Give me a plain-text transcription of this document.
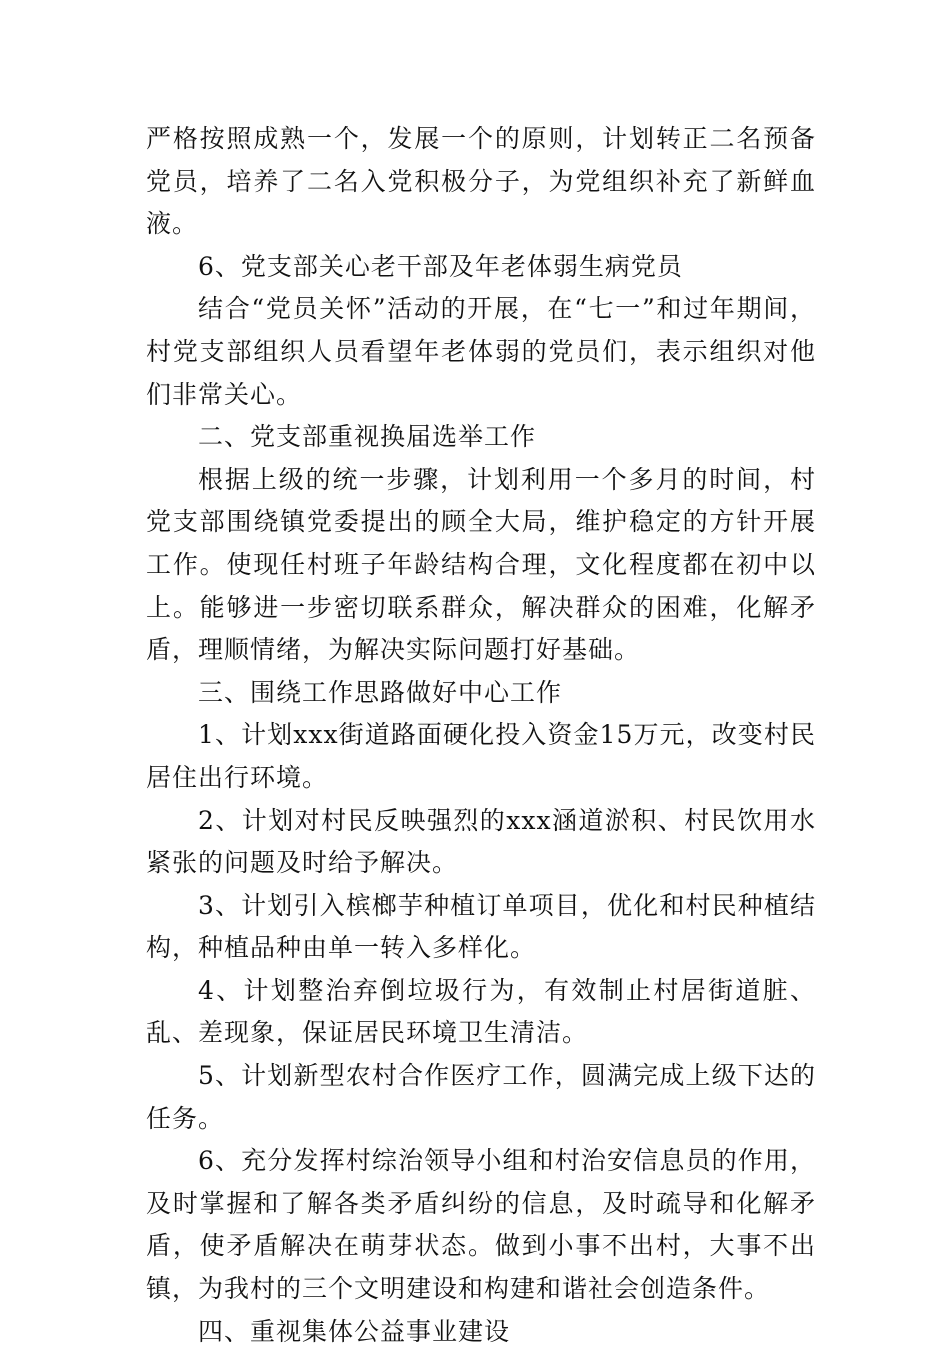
严格按照成熟一个，发展一个的原则，计划转正二名预备党员，培养了二名入党积极分子，为党组织补充了新鲜血液。

6、党支部关心老干部及年老体弱生病党员

结合“党员关怀”活动的开展，在“七一”和过年期间，村党支部组织人员看望年老体弱的党员们，表示组织对他们非常关心。

二、党支部重视换届选举工作

根据上级的统一步骤，计划利用一个多月的时间，村党支部围绕镇党委提出的顾全大局，维护稳定的方针开展工作。使现任村班子年龄结构合理，文化程度都在初中以上。能够进一步密切联系群众，解决群众的困难，化解矛盾，理顺情绪，为解决实际问题打好基础。

三、围绕工作思路做好中心工作

1、计划xxx街道路面硬化投入资金15万元，改变村民居住出行环境。

2、计划对村民反映强烈的xxx涵道淤积、村民饮用水紧张的问题及时给予解决。

3、计划引入槟榔芋种植订单项目，优化和村民种植结构，种植品种由单一转入多样化。

4、计划整治弃倒垃圾行为，有效制止村居街道脏、乱、差现象，保证居民环境卫生清洁。

5、计划新型农村合作医疗工作，圆满完成上级下达的任务。

6、充分发挥村综治领导小组和村治安信息员的作用，及时掌握和了解各类矛盾纠纷的信息，及时疏导和化解矛盾，使矛盾解决在萌芽状态。做到小事不出村，大事不出镇，为我村的三个文明建设和构建和谐社会创造条件。

四、重视集体公益事业建设
